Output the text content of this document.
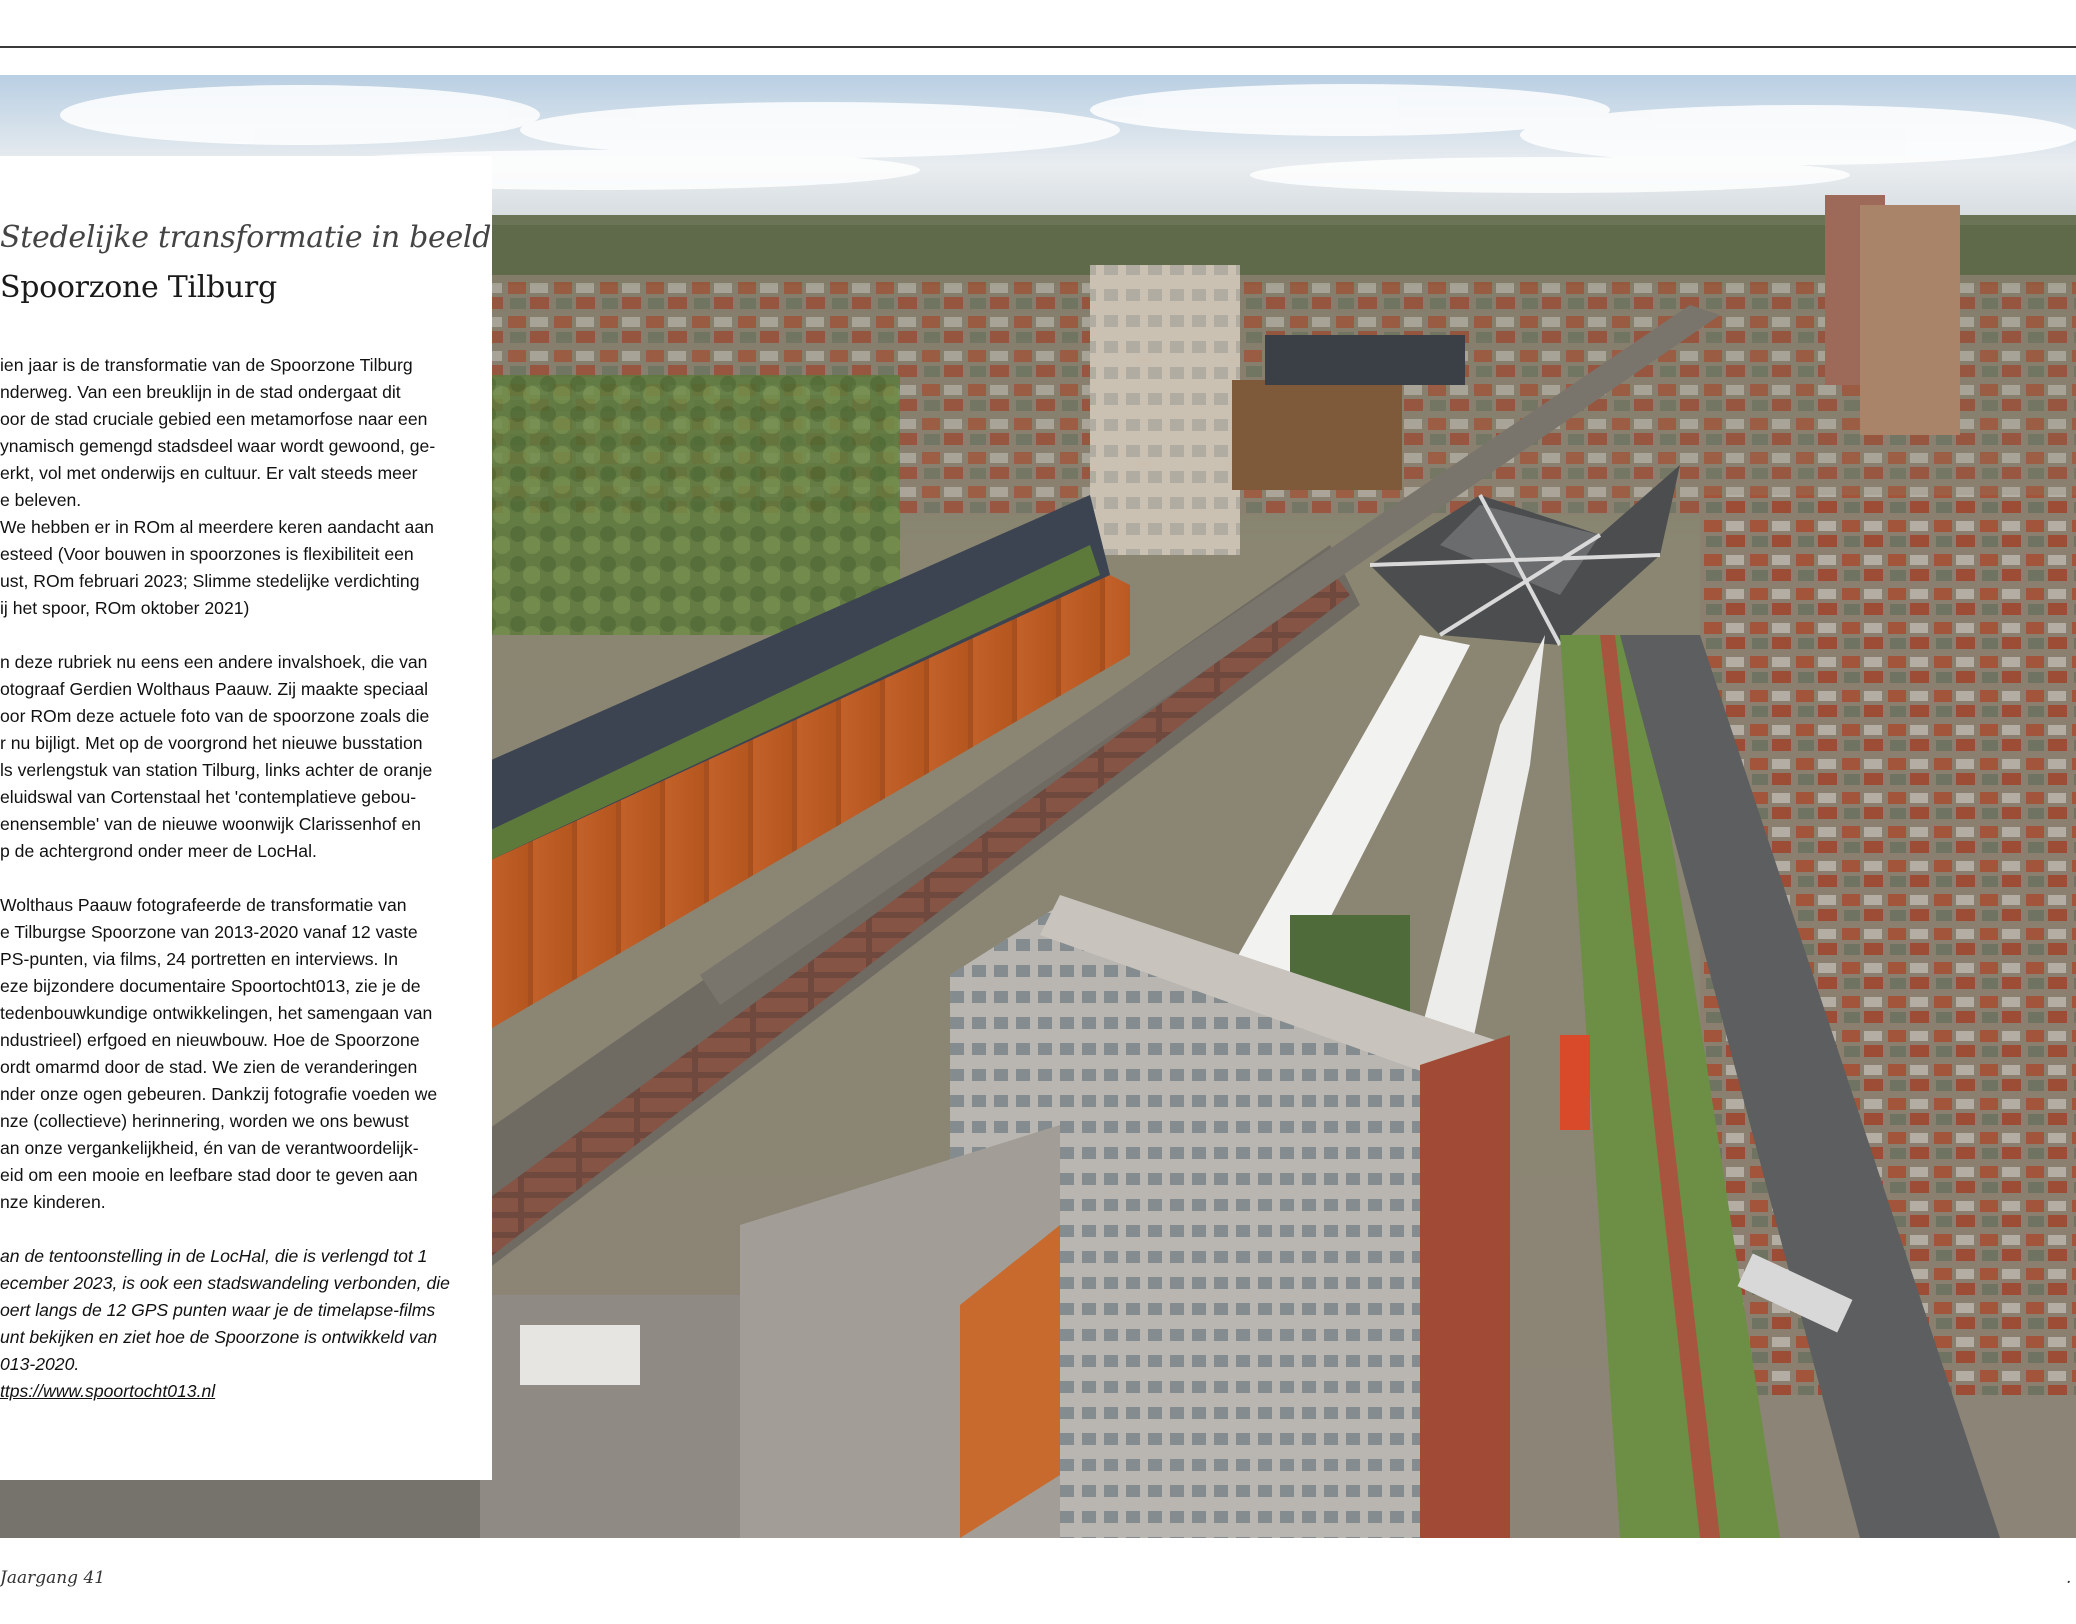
Stedelijke transformatie in beeld
Spoorzone Tilburg

ien jaar is de transformatie van de Spoorzone Tilburg
nderweg. Van een breuklijn in de stad ondergaat dit
oor de stad cruciale gebied een metamorfose naar een
ynamisch gemengd stadsdeel waar wordt gewoond, ge-
erkt, vol met onderwijs en cultuur. Er valt steeds meer
e beleven.

We hebben er in ROm al meerdere keren aandacht aan
esteed (Voor bouwen in spoorzones is flexibiliteit een
ust, ROm februari 2023; Slimme stedelijke verdichting
ij het spoor, ROm oktober 2021)

n deze rubriek nu eens een andere invalshoek, die van
otograaf Gerdien Wolthaus Paauw. Zij maakte speciaal
oor ROm deze actuele foto van de spoorzone zoals die
r nu bijligt. Met op de voorgrond het nieuwe busstation
ls verlengstuk van station Tilburg, links achter de oranje
eluidswal van Cortenstaal het 'contemplatieve gebou-
enensemble' van de nieuwe woonwijk Clarissenhof en
p de achtergrond onder meer de LocHal.

Wolthaus Paauw fotografeerde de transformatie van
e Tilburgse Spoorzone van 2013-2020 vanaf 12 vaste
PS-punten, via films, 24 portretten en interviews. In
eze bijzondere documentaire Spoortocht013, zie je de
tedenbouwkundige ontwikkelingen, het samengaan van
ndustrieel) erfgoed en nieuwbouw. Hoe de Spoorzone
ordt omarmd door de stad. We zien de veranderingen
nder onze ogen gebeuren. Dankzij fotografie voeden we
nze (collectieve) herinnering, worden we ons bewust
an onze vergankelijkheid, én van de verantwoordelijk-
eid om een mooie en leefbare stad door te geven aan
nze kinderen.

an de tentoonstelling in de LocHal, die is verlengd tot 1
ecember 2023, is ook een stadswandeling verbonden, die
oert langs de 12 GPS punten waar je de timelapse-films
unt bekijken en ziet hoe de Spoorzone is ontwikkeld van
013-2020.
ttps://www.spoortocht013.nl

Jaargang 41	.
